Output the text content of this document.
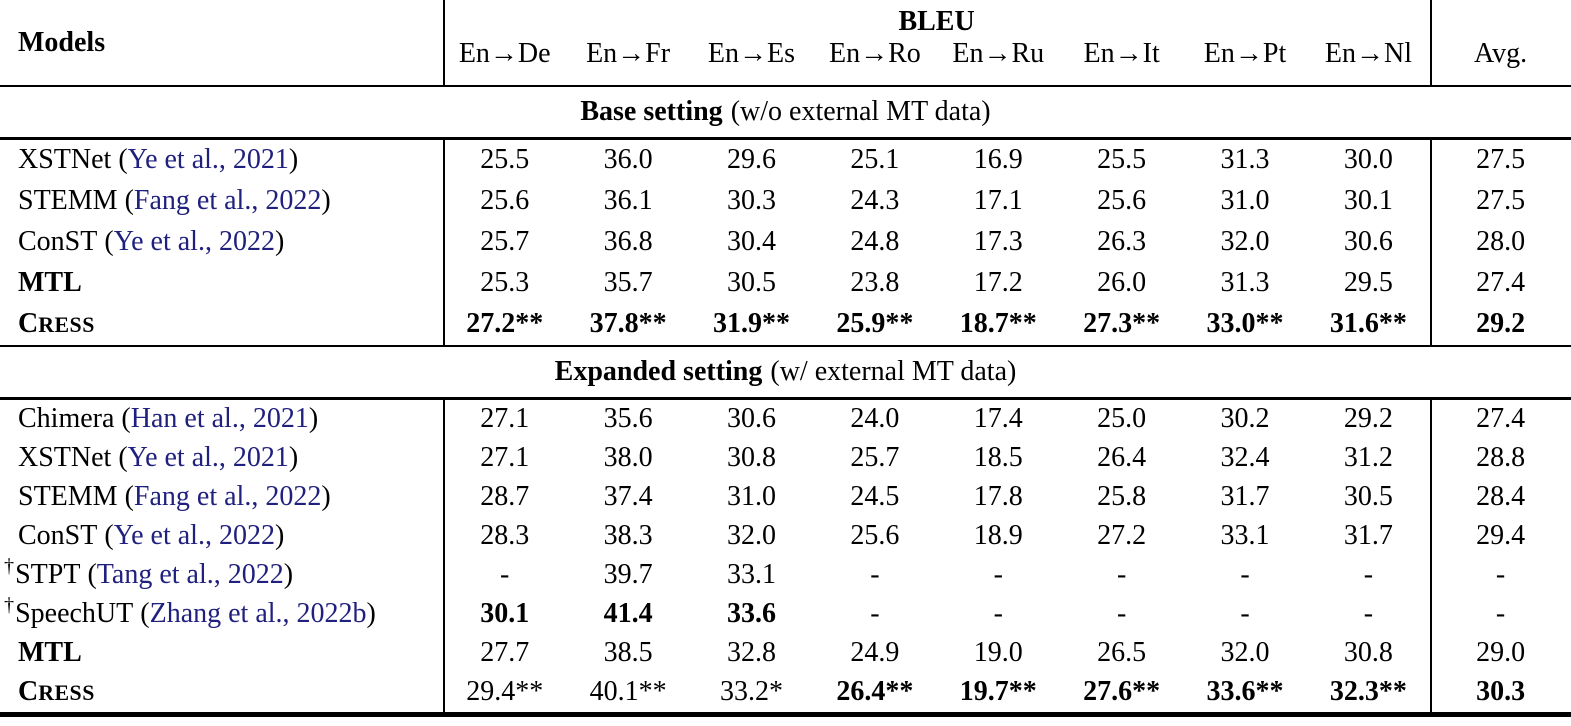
Models
BLEU
En→De	En→Fr	En→Es	En→Ro	En→Ru	En→It	En→Pt	En→Nl	Avg.
Base setting (w/o external MT data)
XSTNet ( Ye et al., 2021 )	25.5	36.0	29.6	25.1	16.9	25.5	31.3	30.0	27.5
STEMM ( Fang et al., 2022 )	25.6	36.1	30.3	24.3	17.1	25.6	31.0	30.1	27.5
ConST ( Ye et al., 2022 )	25.7	36.8	30.4	24.8	17.3	26.3	32.0	30.6	28.0
MTL	25.3	35.7	30.5	23.8	17.2	26.0	31.3	29.5	27.4
CRESS	27.2**	37.8**	31.9**	25.9**	18.7**	27.3**	33.0**	31.6**	29.2
Expanded setting (w/ external MT data)
Chimera ( Han et al., 2021 )	27.1	35.6	30.6	24.0	17.4	25.0	30.2	29.2	27.4
XSTNet ( Ye et al., 2021 )	27.1	38.0	30.8	25.7	18.5	26.4	32.4	31.2	28.8
STEMM ( Fang et al., 2022 )	28.7	37.4	31.0	24.5	17.8	25.8	31.7	30.5	28.4
ConST ( Ye et al., 2022 )	28.3	38.3	32.0	25.6	18.9	27.2	33.1	31.7	29.4
† STPT ( Tang et al., 2022 )	-	39.7	33.1	-	-	-	-	-	-
† SpeechUT ( Zhang et al., 2022b )	30.1	41.4	33.6	-	-	-	-	-	-
MTL	27.7	38.5	32.8	24.9	19.0	26.5	32.0	30.8	29.0
CRESS	29.4**	40.1**	33.2*	26.4**	19.7**	27.6**	33.6**	32.3**	30.3
